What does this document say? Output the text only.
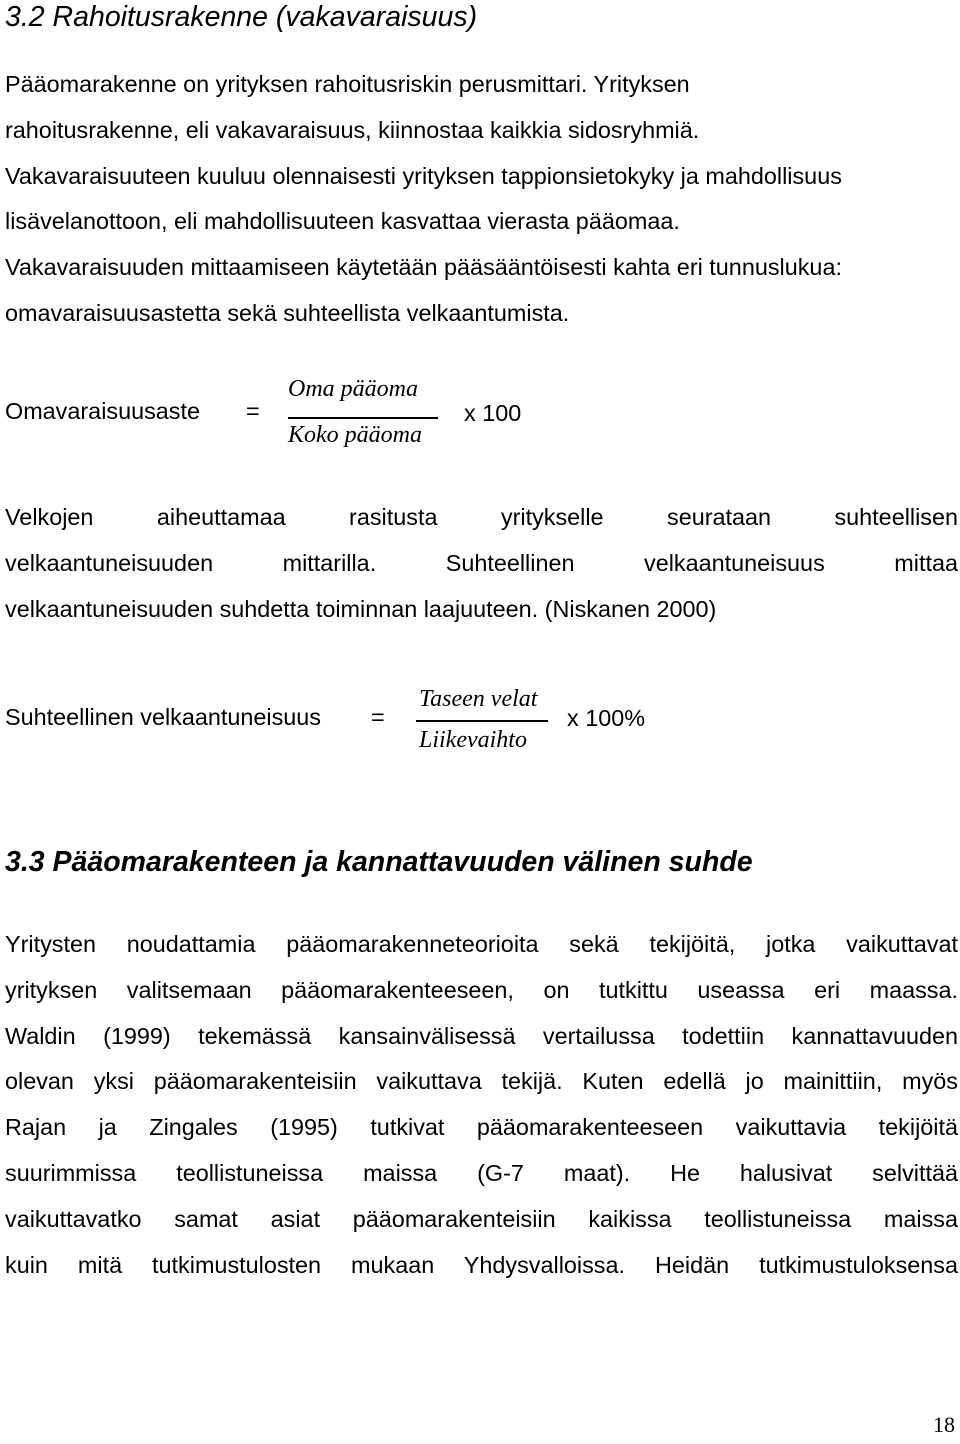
3.2 Rahoitusrakenne (vakavaraisuus)

Pääomarakenne on yrityksen rahoitusriskin perusmittari. Yrityksen
rahoitusrakenne, eli vakavaraisuus, kiinnostaa kaikkia sidosryhmiä.
Vakavaraisuuteen kuuluu olennaisesti yrityksen tappionsietokyky ja mahdollisuus
lisävelanottoon, eli mahdollisuuteen kasvattaa vierasta pääomaa.
Vakavaraisuuden mittaamiseen käytetään pääsääntöisesti kahta eri tunnuslukua:
omavaraisuusastetta sekä suhteellista velkaantumista.

Omavaraisuusaste =
Oma pääoma
Koko pääoma
x 100

Velkojen aiheuttamaa rasitusta yritykselle seurataan suhteellisen
velkaantuneisuuden mittarilla. Suhteellinen velkaantuneisuus mittaa
velkaantuneisuuden suhdetta toiminnan laajuuteen. (Niskanen 2000)

Suhteellinen velkaantuneisuus =
Taseen velat
Liikevaihto
x 100%
3.3 Pääomarakenteen ja kannattavuuden välinen suhde

Yritysten noudattamia pääomarakenneteorioita sekä tekijöitä, jotka vaikuttavat
yrityksen valitsemaan pääomarakenteeseen, on tutkittu useassa eri maassa.
Waldin (1999) tekemässä kansainvälisessä vertailussa todettiin kannattavuuden
olevan yksi pääomarakenteisiin vaikuttava tekijä. Kuten edellä jo mainittiin, myös
Rajan ja Zingales (1995) tutkivat pääomarakenteeseen vaikuttavia tekijöitä
suurimmissa teollistuneissa maissa (G-7 maat). He halusivat selvittää
vaikuttavatko samat asiat pääomarakenteisiin kaikissa teollistuneissa maissa
kuin mitä tutkimustulosten mukaan Yhdysvalloissa. Heidän tutkimustuloksensa

18
